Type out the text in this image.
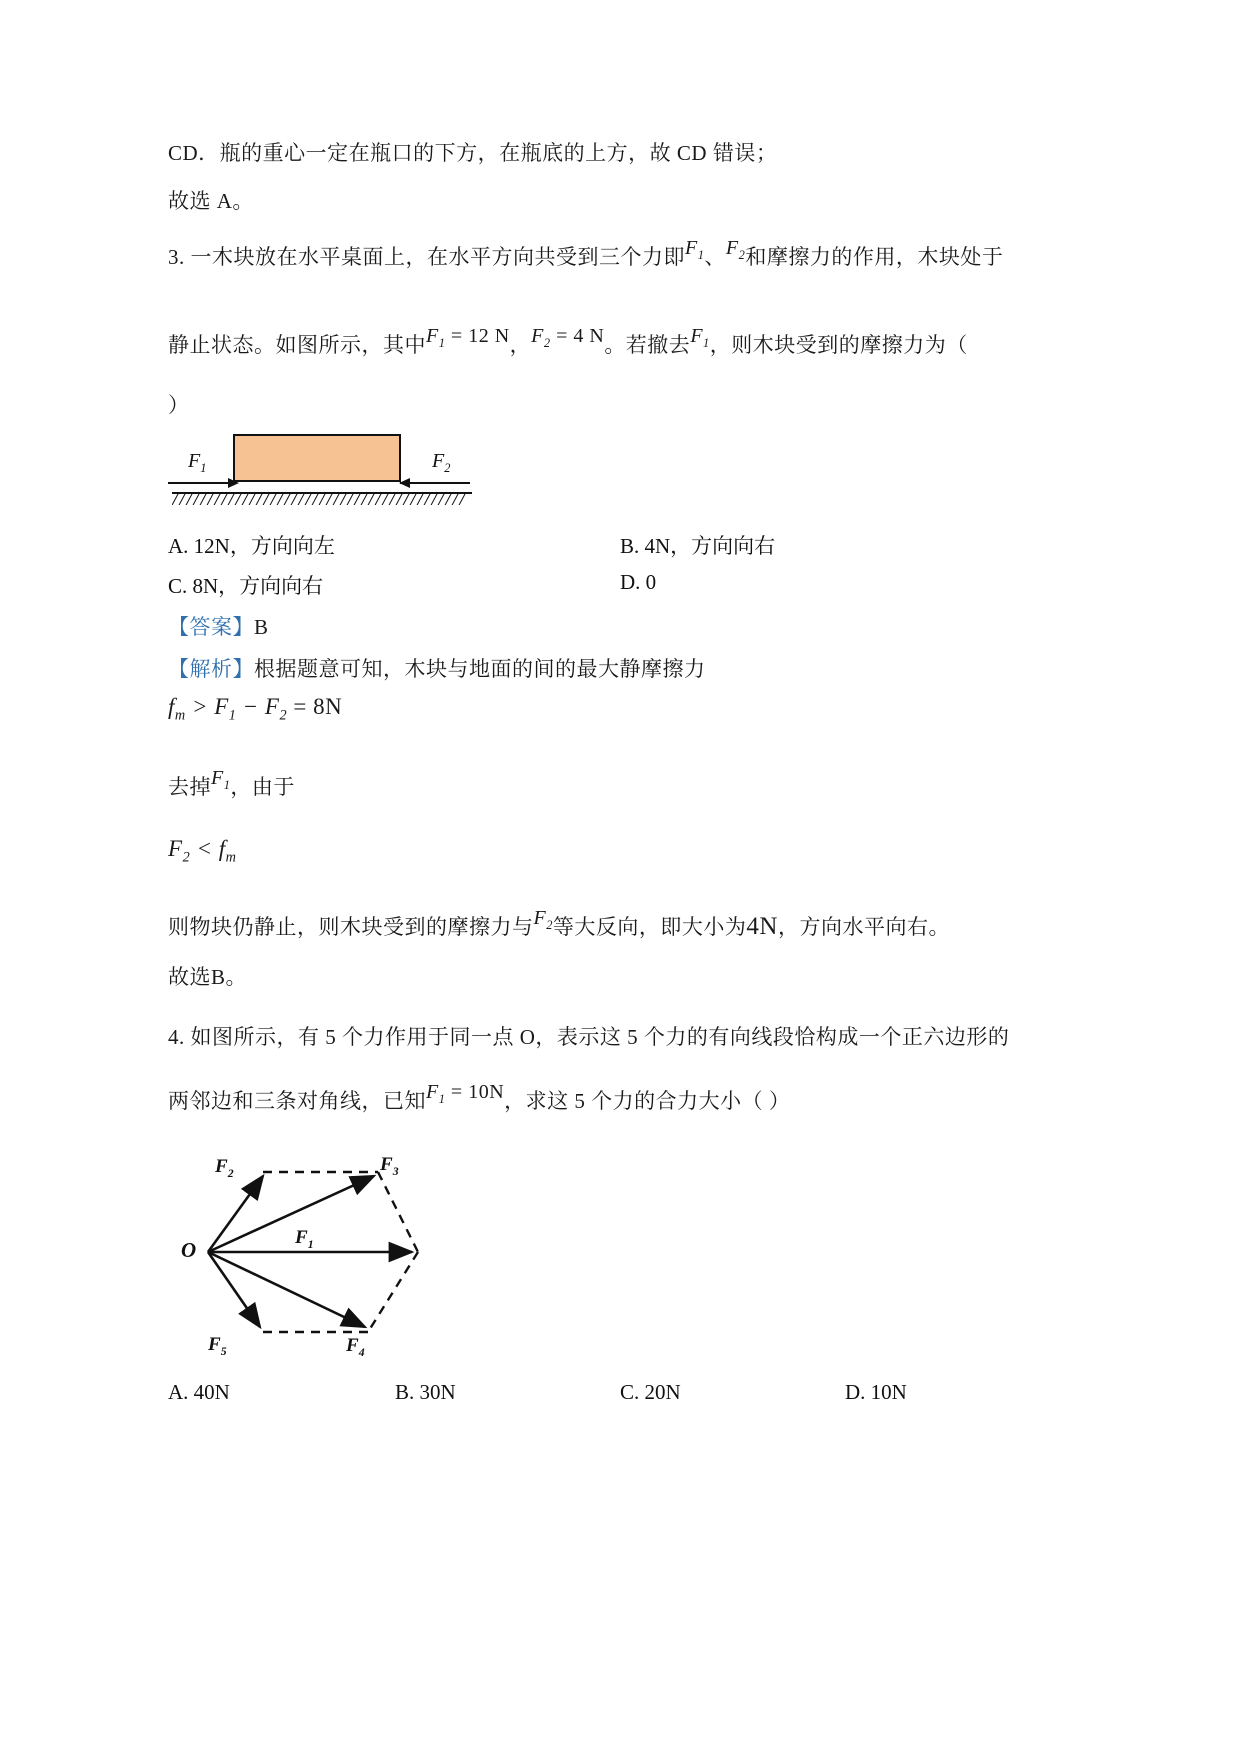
CD．瓶的重心一定在瓶口的下方，在瓶底的上方，故 CD 错误；
故选 A。
3. 一木块放在水平桌面上，在水平方向共受到三个力即$F_1$、$F_2$和摩擦力的作用，木块处于
静止状态。如图所示，其中$F_1 = 12$ N，$F_2 = 4$ N。若撤去$F_1$，则木块受到的摩擦力为（
）
$F_1$	$F_2$
A. 12N，方向向左	B. 4N，方向向右
C. 8N，方向向右	D. 0
【答案】B
【解析】根据题意可知，木块与地面的间的最大静摩擦力
$f_m > F_1 - F_2 = 8N$
去掉$F_1$，由于
$F_2 < f_m$
则物块仍静止，则木块受到的摩擦力与$F_2$等大反向，即大小为4N，方向水平向右。
故选B。
4. 如图所示，有 5 个力作用于同一点 O，表示这 5 个力的有向线段恰构成一个正六边形的
两邻边和三条对角线，已知$F_1 = 10N$，求这 5 个力的合力大小（ ）
$F_2$	$F_3$
$F_1$
$F_5$	$F_4$
O
A. 40N	B. 30N	C. 20N	D. 10N
